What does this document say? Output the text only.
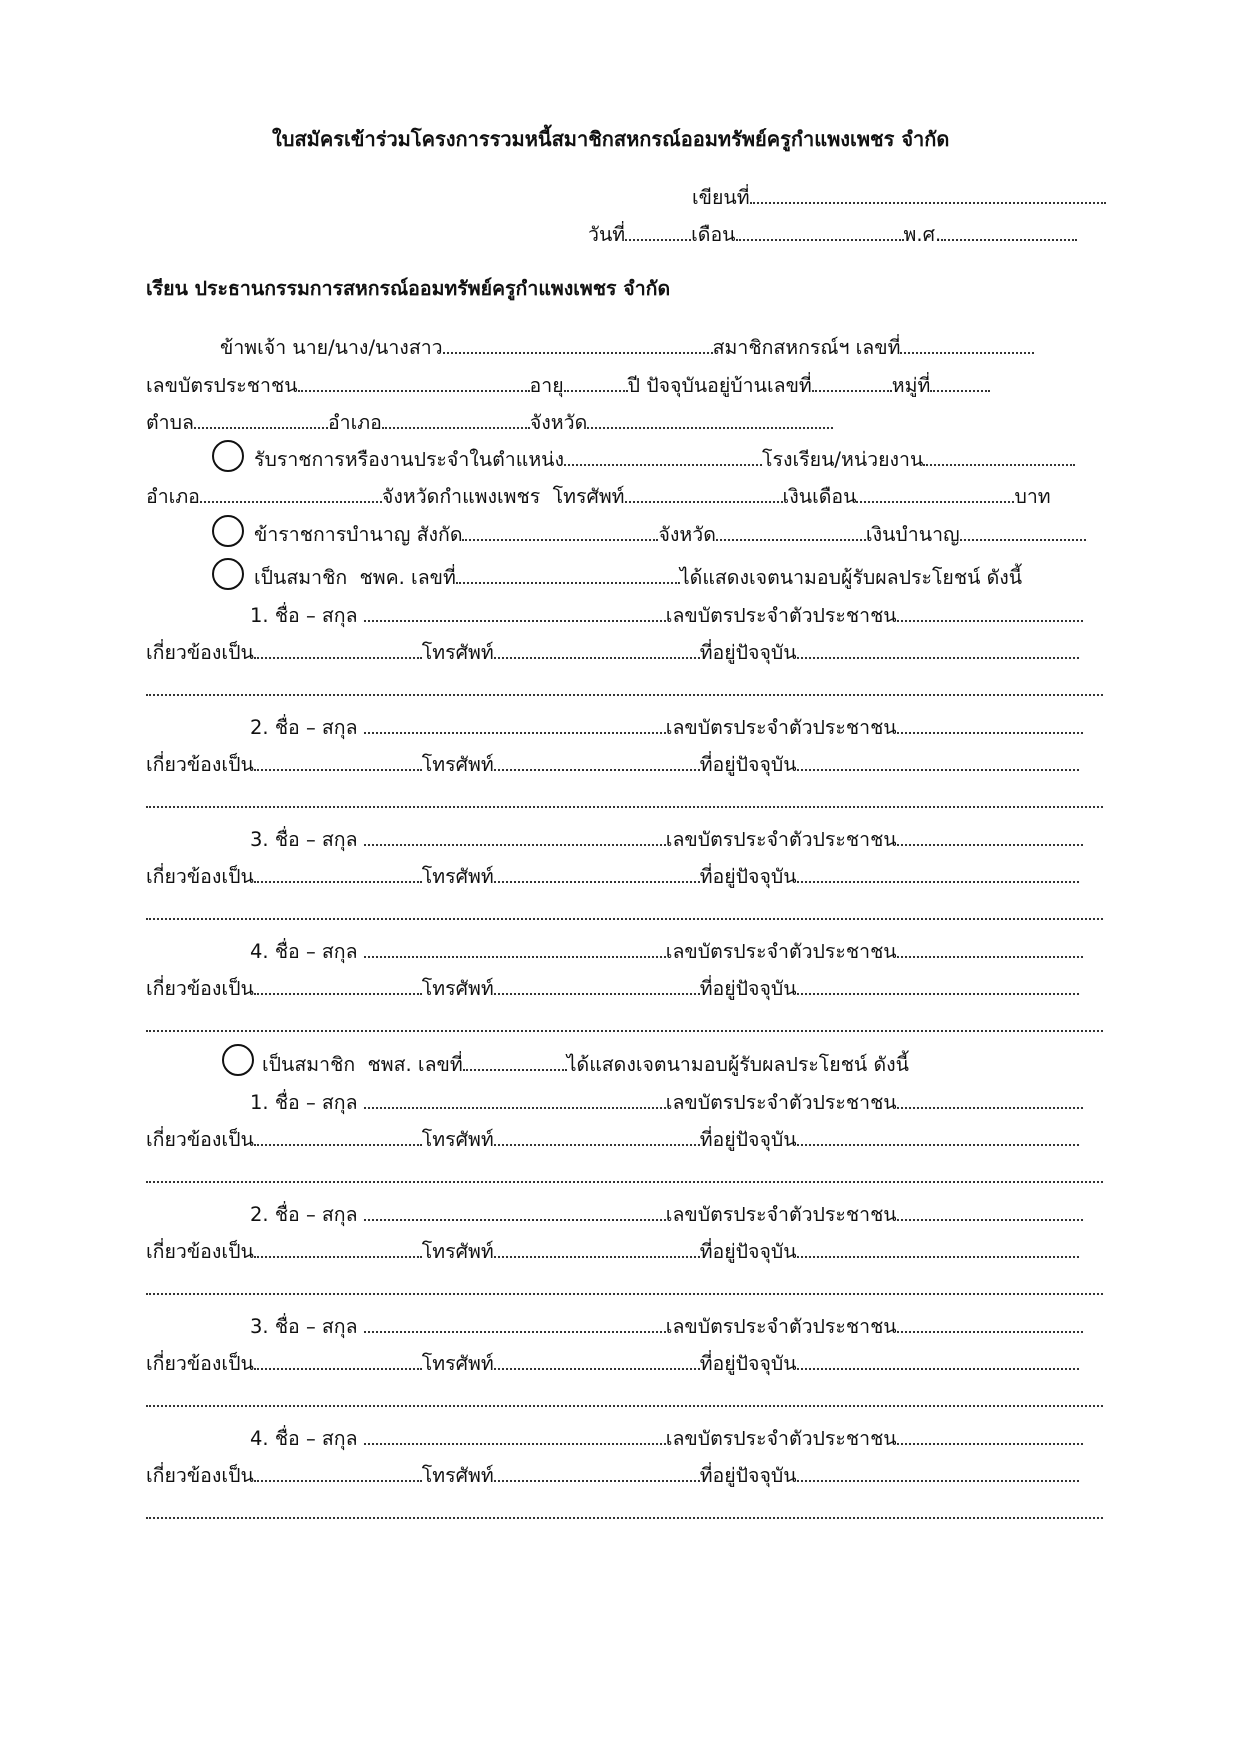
ใบสมัครเข้าร่วมโครงการรวมหนี้สมาชิกสหกรณ์ออมทรัพย์ครูกำแพงเพชร จำกัด
เขียนที่
วันที่	เดือน	พ.ศ.
เรียน ประธานกรรมการสหกรณ์ออมทรัพย์ครูกำแพงเพชร จำกัด
ข้าพเจ้า นาย/นาง/นางสาว	สมาชิกสหกรณ์ฯ เลขที่
เลขบัตรประชาชน	อายุ	ปี ปัจจุบันอยู่บ้านเลขที่	หมู่ที่
ตำบล	อำเภอ	จังหวัด
รับราชการหรืองานประจำในตำแหน่ง	โรงเรียน/หน่วยงาน
อำเภอ	จังหวัดกำแพงเพชร  โทรศัพท์	เงินเดือน	บาท
ข้าราชการบำนาญ สังกัด	จังหวัด	เงินบำนาญ
เป็นสมาชิก  ชพค. เลขที่	ได้แสดงเจตนามอบผู้รับผลประโยชน์ ดังนี้
1. ชื่อ – สกุล	เลขบัตรประจำตัวประชาชน
เกี่ยวข้องเป็น	โทรศัพท์	ที่อยู่ปัจจุบัน
2. ชื่อ – สกุล	เลขบัตรประจำตัวประชาชน
เกี่ยวข้องเป็น	โทรศัพท์	ที่อยู่ปัจจุบัน
3. ชื่อ – สกุล	เลขบัตรประจำตัวประชาชน
เกี่ยวข้องเป็น	โทรศัพท์	ที่อยู่ปัจจุบัน
4. ชื่อ – สกุล	เลขบัตรประจำตัวประชาชน
เกี่ยวข้องเป็น	โทรศัพท์	ที่อยู่ปัจจุบัน
เป็นสมาชิก  ชพส. เลขที่	ได้แสดงเจตนามอบผู้รับผลประโยชน์ ดังนี้
1. ชื่อ – สกุล	เลขบัตรประจำตัวประชาชน
เกี่ยวข้องเป็น	โทรศัพท์	ที่อยู่ปัจจุบัน
2. ชื่อ – สกุล	เลขบัตรประจำตัวประชาชน
เกี่ยวข้องเป็น	โทรศัพท์	ที่อยู่ปัจจุบัน
3. ชื่อ – สกุล	เลขบัตรประจำตัวประชาชน
เกี่ยวข้องเป็น	โทรศัพท์	ที่อยู่ปัจจุบัน
4. ชื่อ – สกุล	เลขบัตรประจำตัวประชาชน
เกี่ยวข้องเป็น	โทรศัพท์	ที่อยู่ปัจจุบัน
